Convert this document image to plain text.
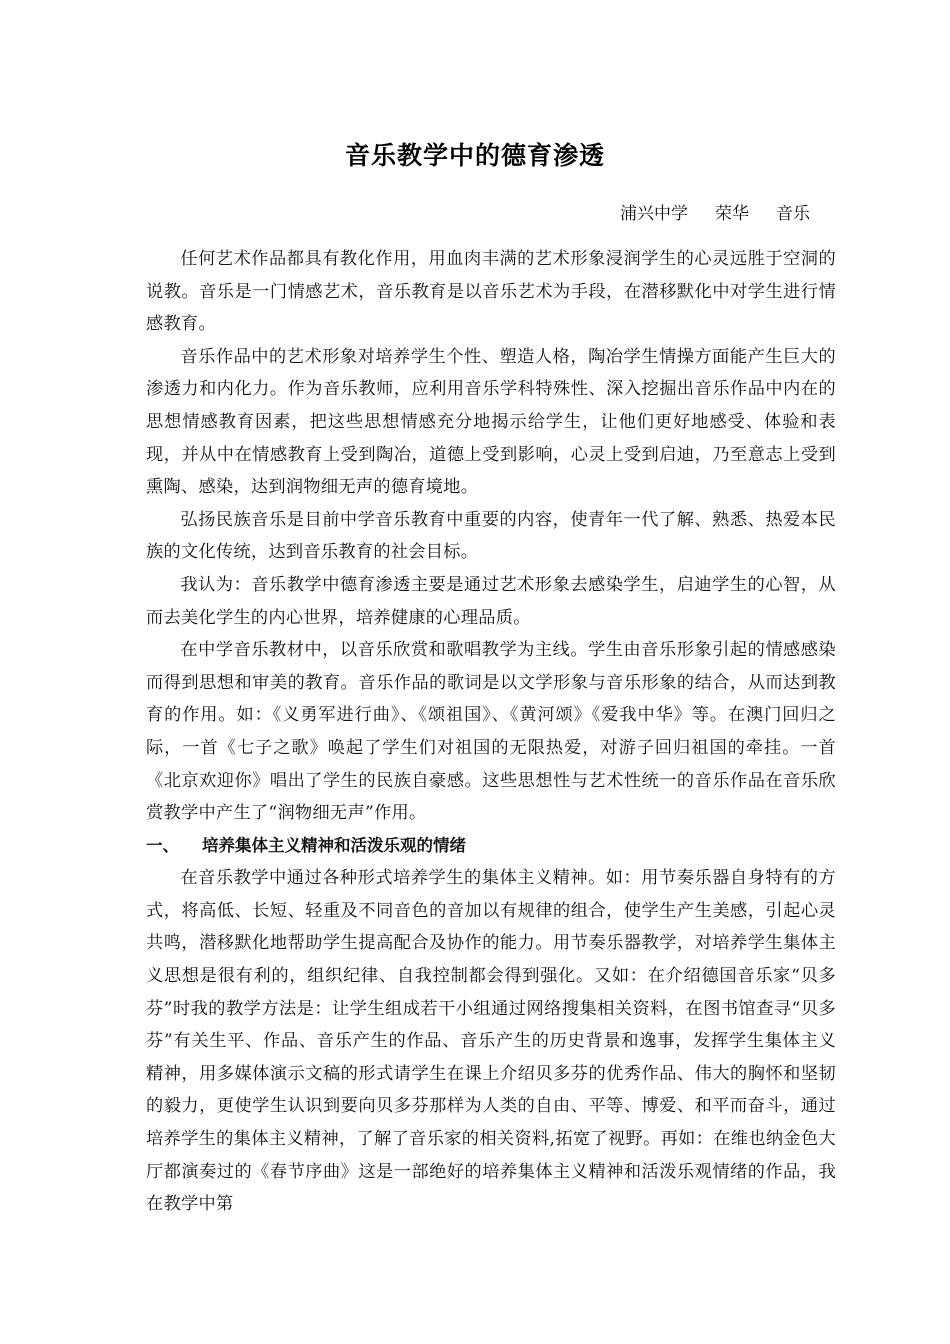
音乐教学中的德育渗透
浦兴中学     荣华     音乐

任何艺术作品都具有教化作用，用血肉丰满的艺术形象浸润学生的心灵远胜于空洞的说教。音乐是一门情感艺术，音乐教育是以音乐艺术为手段，在潜移默化中对学生进行情感教育。

音乐作品中的艺术形象对培养学生个性、塑造人格，陶冶学生情操方面能产生巨大的渗透力和内化力。作为音乐教师，应利用音乐学科特殊性、深入挖掘出音乐作品中内在的思想情感教育因素，把这些思想情感充分地揭示给学生，让他们更好地感受、体验和表现，并从中在情感教育上受到陶冶，道德上受到影响，心灵上受到启迪，乃至意志上受到熏陶、感染，达到润物细无声的德育境地。

弘扬民族音乐是目前中学音乐教育中重要的内容，使青年一代了解、熟悉、热爱本民族的文化传统，达到音乐教育的社会目标。

我认为：音乐教学中德育渗透主要是通过艺术形象去感染学生，启迪学生的心智，从而去美化学生的内心世界，培养健康的心理品质。

在中学音乐教材中，以音乐欣赏和歌唱教学为主线。学生由音乐形象引起的情感感染而得到思想和审美的教育。音乐作品的歌词是以文学形象与音乐形象的结合，从而达到教育的作用。如：《义勇军进行曲》、《颂祖国》、《黄河颂》《爱我中华》等。在澳门回归之际，一首《七子之歌》唤起了学生们对祖国的无限热爱，对游子回归祖国的牵挂。一首《北京欢迎你》唱出了学生的民族自豪感。这些思想性与艺术性统一的音乐作品在音乐欣赏教学中产生了“润物细无声”作用。

一、 培养集体主义精神和活泼乐观的情绪

在音乐教学中通过各种形式培养学生的集体主义精神。如：用节奏乐器自身特有的方式，将高低、长短、轻重及不同音色的音加以有规律的组合，使学生产生美感，引起心灵共鸣，潜移默化地帮助学生提高配合及协作的能力。用节奏乐器教学，对培养学生集体主义思想是很有利的，组织纪律、自我控制都会得到强化。又如：在介绍德国音乐家“贝多芬”时我的教学方法是：让学生组成若干小组通过网络搜集相关资料，在图书馆查寻“贝多芬”有关生平、作品、音乐产生的作品、音乐产生的历史背景和逸事，发挥学生集体主义精神，用多媒体演示文稿的形式请学生在课上介绍贝多芬的优秀作品、伟大的胸怀和坚韧的毅力，更使学生认识到要向贝多芬那样为人类的自由、平等、博爱、和平而奋斗，通过培养学生的集体主义精神，了解了音乐家的相关资料,拓宽了视野。再如：在维也纳金色大厅都演奏过的《春节序曲》这是一部绝好的培养集体主义精神和活泼乐观情绪的作品，我在教学中第
